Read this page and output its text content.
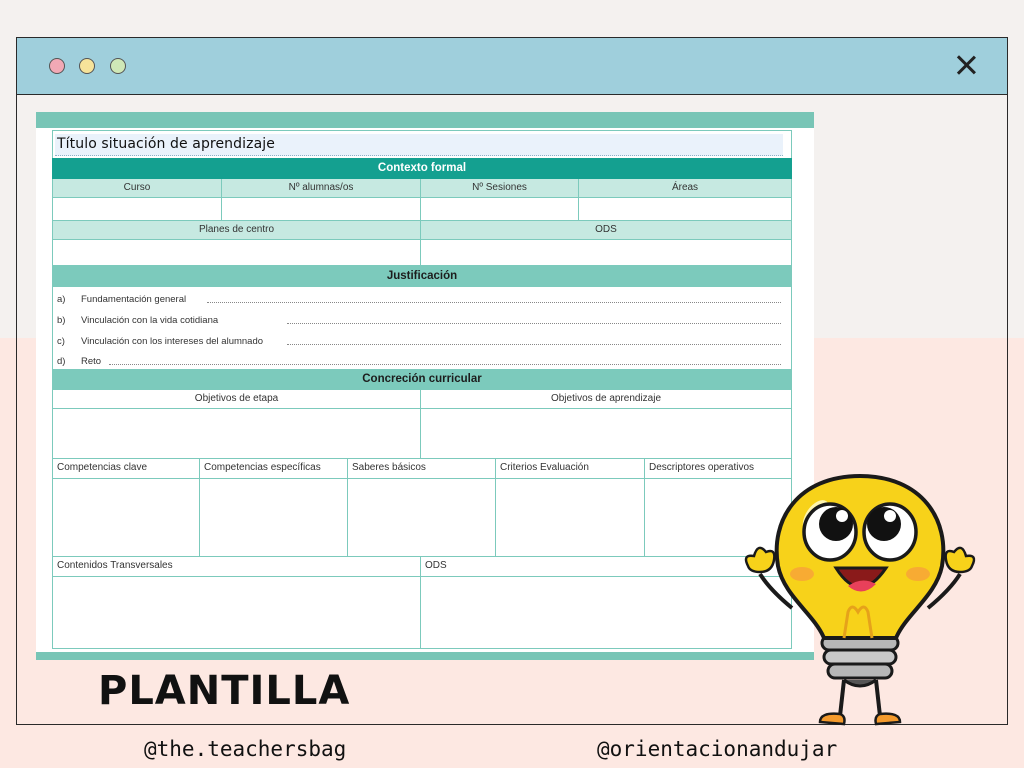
Título situación de aprendizaje
Contexto formal
Curso	Nº alumnas/os	Nº Sesiones	Áreas
Planes de centro	ODS
Justificación
a)	Fundamentación general
b)	Vinculación con la vida cotidiana
c)	Vinculación con los intereses del alumnado
d)	Reto
Concreción curricular
Objetivos de etapa	Objetivos de aprendizaje
Competencias clave	Competencias específicas	Saberes básicos	Criterios Evaluación	Descriptores operativos
Contenidos Transversales	ODS
PLANTILLA
@the.teachersbag	@orientacionandujar
